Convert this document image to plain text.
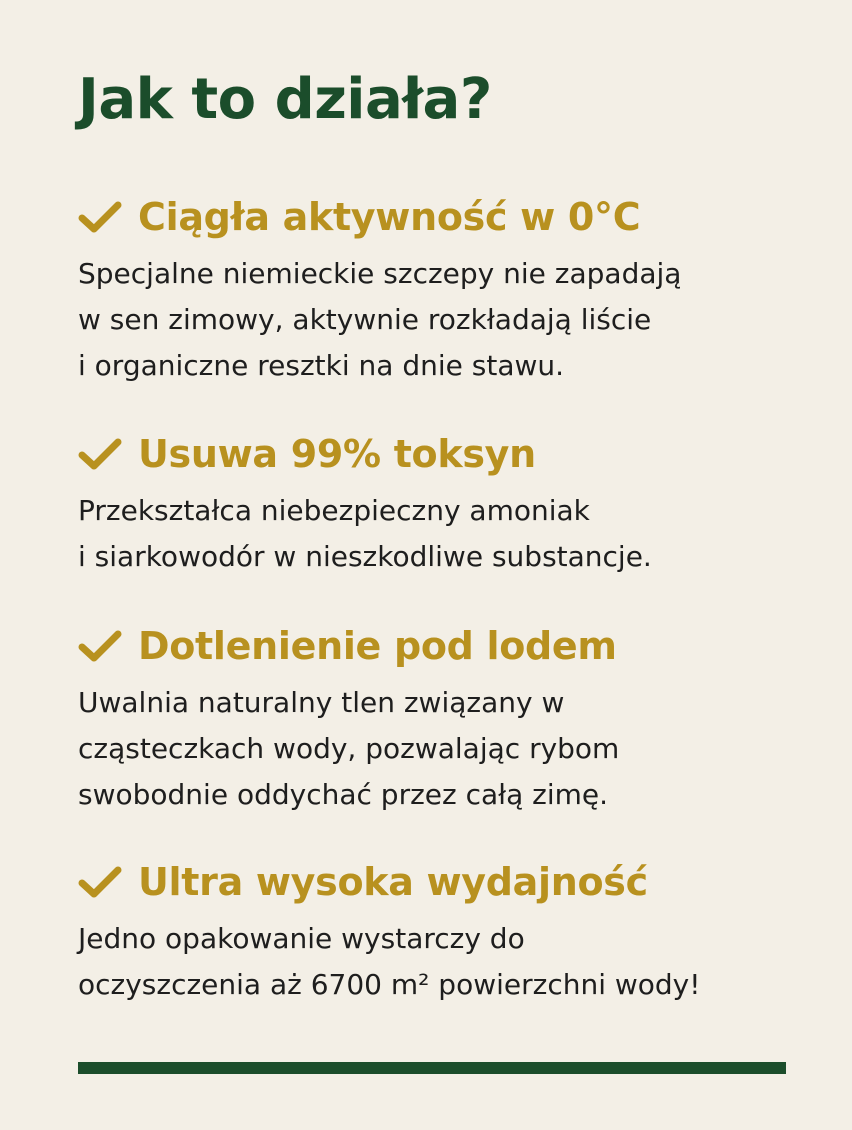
Jak to działa?
Ciągła aktywność w 0°C

Specjalne niemieckie szczepy nie zapadają
w sen zimowy, aktywnie rozkładają liście
i organiczne resztki na dnie stawu.

Usuwa 99% toksyn

Przekształca niebezpieczny amoniak
i siarkowodór w nieszkodliwe substancje.

Dotlenienie pod lodem

Uwalnia naturalny tlen związany w
cząsteczkach wody, pozwalając rybom
swobodnie oddychać przez całą zimę.

Ultra wysoka wydajność

Jedno opakowanie wystarczy do
oczyszczenia aż 6700 m² powierzchni wody!
